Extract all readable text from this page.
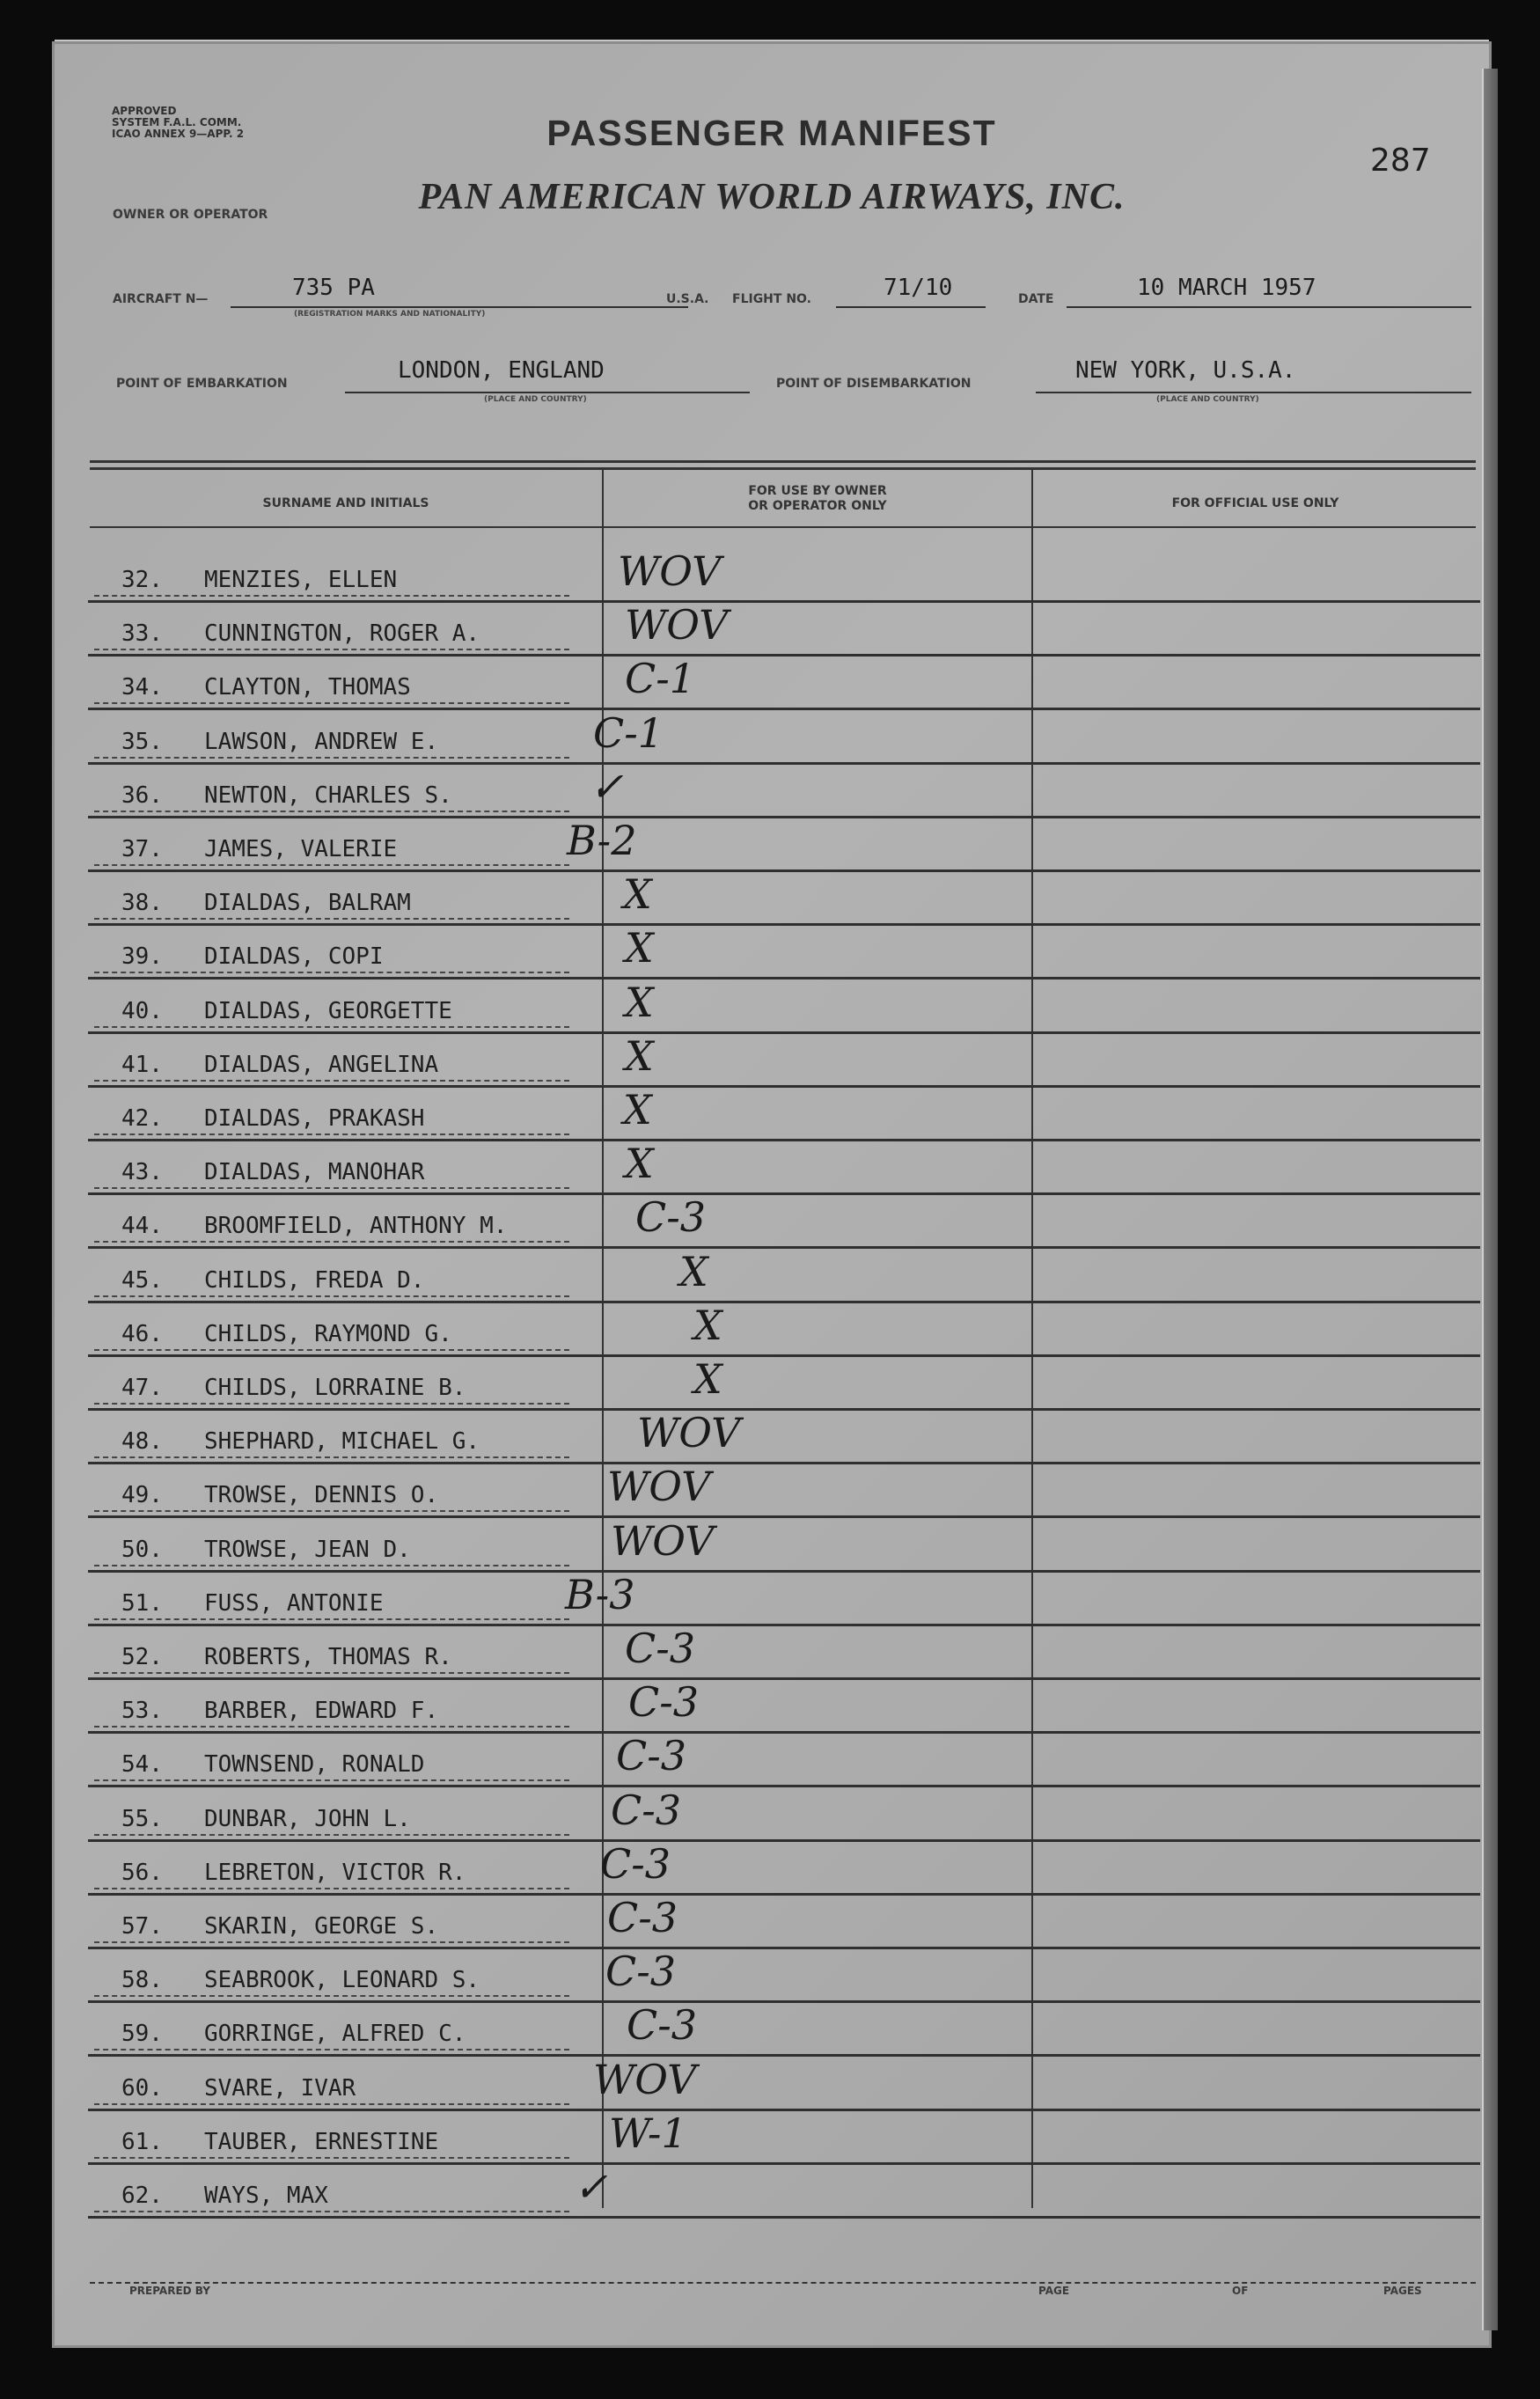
APPROVED
SYSTEM F.A.L. COMM.
ICAO ANNEX 9—APP. 2	PASSENGER MANIFEST
287
OWNER OR OPERATOR	PAN AMERICAN WORLD AIRWAYS, INC.
AIRCRAFT N—	735 PA
(REGISTRATION MARKS AND NATIONALITY)
U.S.A. FLIGHT NO.	71/10	DATE	10 MARCH 1957
POINT OF EMBARKATION	LONDON, ENGLAND
(PLACE AND COUNTRY)
POINT OF DISEMBARKATION	NEW YORK, U.S.A.
(PLACE AND COUNTRY)
SURNAME AND INITIALS
FOR USE BY OWNER
OR OPERATOR ONLY	FOR OFFICIAL USE ONLY
32. MENZIES, ELLEN	WOV
33. CUNNINGTON, ROGER A.	WOV
34. CLAYTON, THOMAS	C-1
35. LAWSON, ANDREW E.	C-1
36. NEWTON, CHARLES S.	✓
37. JAMES, VALERIE	B-2
38. DIALDAS, BALRAM	X
39. DIALDAS, COPI	X
40. DIALDAS, GEORGETTE	X
41. DIALDAS, ANGELINA	X
42. DIALDAS, PRAKASH	X
43. DIALDAS, MANOHAR	X
44. BROOMFIELD, ANTHONY M.	C-3
45. CHILDS, FREDA D.	X
46. CHILDS, RAYMOND G.	X
47. CHILDS, LORRAINE B.	X
48. SHEPHARD, MICHAEL G.	WOV
49. TROWSE, DENNIS O.	WOV
50. TROWSE, JEAN D.	WOV
51. FUSS, ANTONIE	B-3
52. ROBERTS, THOMAS R.	C-3
53. BARBER, EDWARD F.	C-3
54. TOWNSEND, RONALD	C-3
55. DUNBAR, JOHN L.	C-3
56. LEBRETON, VICTOR R.	C-3
57. SKARIN, GEORGE S.	C-3
58. SEABROOK, LEONARD S.	C-3
59. GORRINGE, ALFRED C.	C-3
60. SVARE, IVAR	WOV
61. TAUBER, ERNESTINE	W-1
62. WAYS, MAX	✓
PREPARED BY	PAGE	OF	PAGES
